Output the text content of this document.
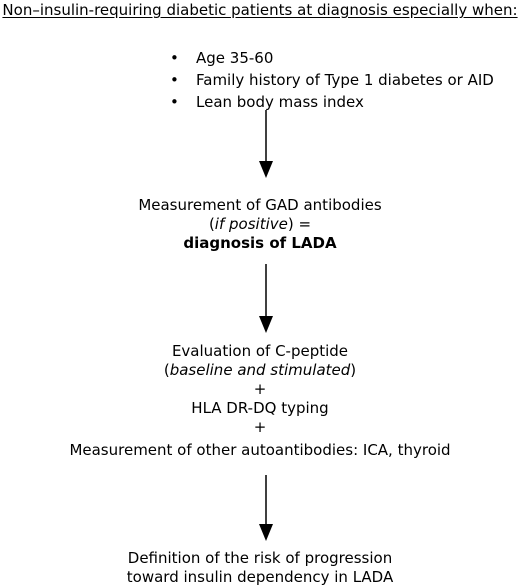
Non–insulin-requiring diabetic patients at diagnosis especially when:
• Age 35-60
• Family history of Type 1 diabetes or AID
• Lean body mass index
Measurement of GAD antibodies
(if positive) =
diagnosis of LADA
Evaluation of C-peptide
(baseline and stimulated)
+
HLA DR-DQ typing
+
Measurement of other autoantibodies: ICA, thyroid
Definition of the risk of progression
toward insulin dependency in LADA
